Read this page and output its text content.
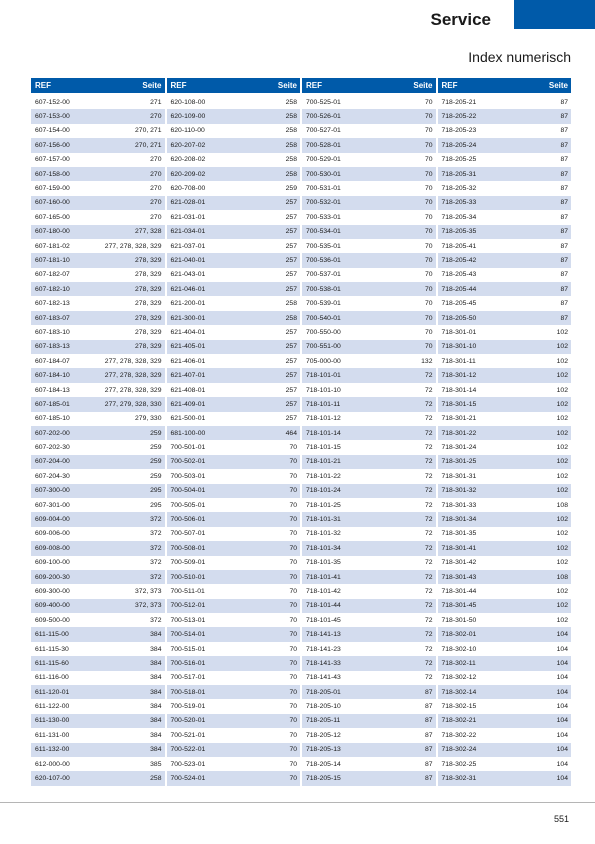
Service
Index numerisch
REF	Seite
607-152-00	271
607-153-00	270
607-154-00	270, 271
607-156-00	270, 271
607-157-00	270
607-158-00	270
607-159-00	270
607-160-00	270
607-165-00	270
607-180-00	277, 328
607-181-02	277, 278, 328, 329
607-181-10	278, 329
607-182-07	278, 329
607-182-10	278, 329
607-182-13	278, 329
607-183-07	278, 329
607-183-10	278, 329
607-183-13	278, 329
607-184-07	277, 278, 328, 329
607-184-10	277, 278, 328, 329
607-184-13	277, 278, 328, 329
607-185-01	277, 279, 328, 330
607-185-10	279, 330
607-202-00	259
607-202-30	259
607-204-00	259
607-204-30	259
607-300-00	295
607-301-00	295
609-004-00	372
609-006-00	372
609-008-00	372
609-100-00	372
609-200-30	372
609-300-00	372, 373
609-400-00	372, 373
609-500-00	372
611-115-00	384
611-115-30	384
611-115-60	384
611-116-00	384
611-120-01	384
611-122-00	384
611-130-00	384
611-131-00	384
611-132-00	384
612-000-00	385
620-107-00	258
REF	Seite
620-108-00	258
620-109-00	258
620-110-00	258
620-207-02	258
620-208-02	258
620-209-02	258
620-708-00	259
621-028-01	257
621-031-01	257
621-034-01	257
621-037-01	257
621-040-01	257
621-043-01	257
621-046-01	257
621-200-01	258
621-300-01	258
621-404-01	257
621-405-01	257
621-406-01	257
621-407-01	257
621-408-01	257
621-409-01	257
621-500-01	257
681-100-00	464
700-501-01	70
700-502-01	70
700-503-01	70
700-504-01	70
700-505-01	70
700-506-01	70
700-507-01	70
700-508-01	70
700-509-01	70
700-510-01	70
700-511-01	70
700-512-01	70
700-513-01	70
700-514-01	70
700-515-01	70
700-516-01	70
700-517-01	70
700-518-01	70
700-519-01	70
700-520-01	70
700-521-01	70
700-522-01	70
700-523-01	70
700-524-01	70
REF	Seite
700-525-01	70
700-526-01	70
700-527-01	70
700-528-01	70
700-529-01	70
700-530-01	70
700-531-01	70
700-532-01	70
700-533-01	70
700-534-01	70
700-535-01	70
700-536-01	70
700-537-01	70
700-538-01	70
700-539-01	70
700-540-01	70
700-550-00	70
700-551-00	70
705-000-00	132
718-101-01	72
718-101-10	72
718-101-11	72
718-101-12	72
718-101-14	72
718-101-15	72
718-101-21	72
718-101-22	72
718-101-24	72
718-101-25	72
718-101-31	72
718-101-32	72
718-101-34	72
718-101-35	72
718-101-41	72
718-101-42	72
718-101-44	72
718-101-45	72
718-141-13	72
718-141-23	72
718-141-33	72
718-141-43	72
718-205-01	87
718-205-10	87
718-205-11	87
718-205-12	87
718-205-13	87
718-205-14	87
718-205-15	87
REF	Seite
718-205-21	87
718-205-22	87
718-205-23	87
718-205-24	87
718-205-25	87
718-205-31	87
718-205-32	87
718-205-33	87
718-205-34	87
718-205-35	87
718-205-41	87
718-205-42	87
718-205-43	87
718-205-44	87
718-205-45	87
718-205-50	87
718-301-01	102
718-301-10	102
718-301-11	102
718-301-12	102
718-301-14	102
718-301-15	102
718-301-21	102
718-301-22	102
718-301-24	102
718-301-25	102
718-301-31	102
718-301-32	102
718-301-33	108
718-301-34	102
718-301-35	102
718-301-41	102
718-301-42	102
718-301-43	108
718-301-44	102
718-301-45	102
718-301-50	102
718-302-01	104
718-302-10	104
718-302-11	104
718-302-12	104
718-302-14	104
718-302-15	104
718-302-21	104
718-302-22	104
718-302-24	104
718-302-25	104
718-302-31	104
551
